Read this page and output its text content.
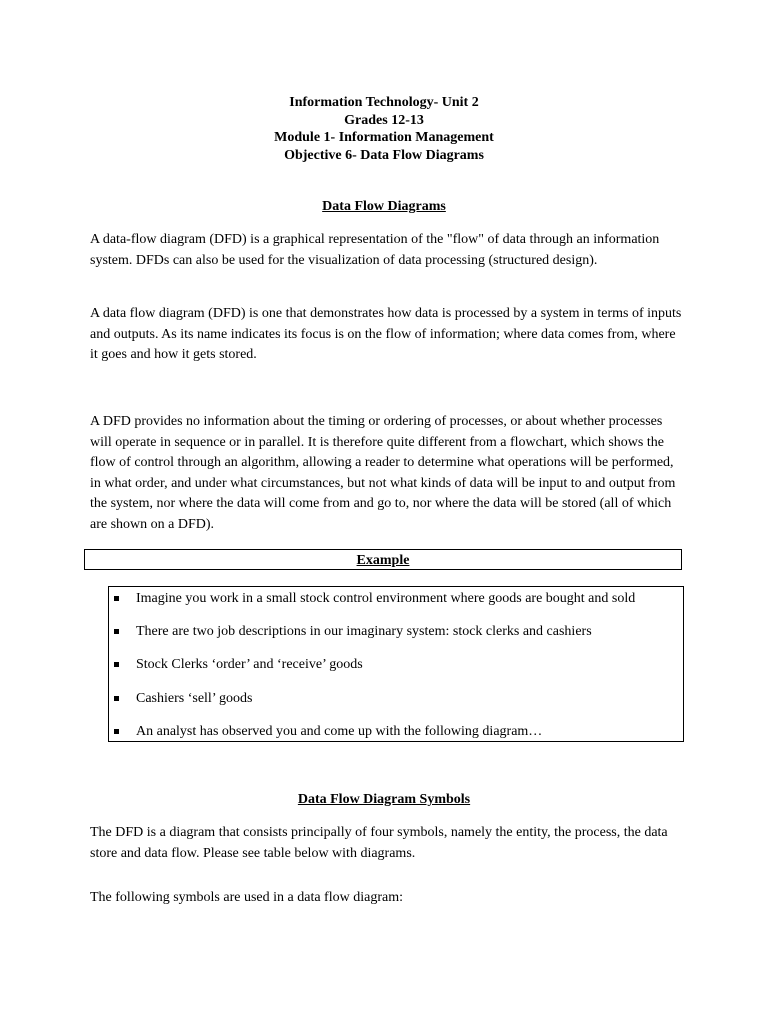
Information Technology- Unit 2
Grades 12-13
Module 1- Information Management
Objective 6- Data Flow Diagrams
Data Flow Diagrams

A data-flow diagram (DFD) is a graphical representation of the "flow" of data through an information system. DFDs can also be used for the visualization of data processing (structured design).

A data flow diagram (DFD) is one that demonstrates how data is processed by a system in terms of inputs and outputs. As its name indicates its focus is on the flow of information; where data comes from, where it goes and how it gets stored.

A DFD provides no information about the timing or ordering of processes, or about whether processes will operate in sequence or in parallel. It is therefore quite different from a flowchart, which shows the flow of control through an algorithm, allowing a reader to determine what operations will be performed, in what order, and under what circumstances, but not what kinds of data will be input to and output from the system, nor where the data will come from and go to, nor where the data will be stored (all of which are shown on a DFD).

Example
Imagine you work in a small stock control environment where goods are bought and sold
There are two job descriptions in our imaginary system: stock clerks and cashiers
Stock Clerks ‘order’ and ‘receive’ goods
Cashiers ‘sell’ goods
An analyst has observed you and come up with the following diagram…
Data Flow Diagram Symbols

The DFD is a diagram that consists principally of four symbols, namely the entity, the process, the data store and data flow. Please see table below with diagrams.

The following symbols are used in a data flow diagram:
